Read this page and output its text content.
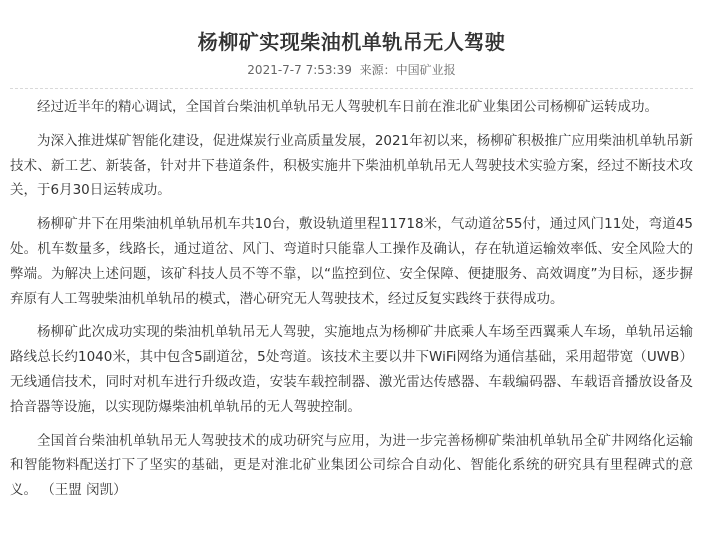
杨柳矿实现柴油机单轨吊无人驾驶
2021-7-7 7:53:39 来源：中国矿业报

经过近半年的精心调试，全国首台柴油机单轨吊无人驾驶机车日前在淮北矿业集团公司杨柳矿运转成功。

为深入推进煤矿智能化建设，促进煤炭行业高质量发展，2021年初以来，杨柳矿积极推广应用柴油机单轨吊新技术、新工艺、新装备，针对井下巷道条件，积极实施井下柴油机单轨吊无人驾驶技术实验方案，经过不断技术攻关，于6月30日运转成功。

杨柳矿井下在用柴油机单轨吊机车共10台，敷设轨道里程11718米，气动道岔55付，通过风门11处，弯道45处。机车数量多，线路长，通过道岔、风门、弯道时只能靠人工操作及确认，存在轨道运输效率低、安全风险大的弊端。为解决上述问题，该矿科技人员不等不靠，以“监控到位、安全保障、便捷服务、高效调度”为目标，逐步摒弃原有人工驾驶柴油机单轨吊的模式，潜心研究无人驾驶技术，经过反复实践终于获得成功。

杨柳矿此次成功实现的柴油机单轨吊无人驾驶，实施地点为杨柳矿井底乘人车场至西翼乘人车场，单轨吊运输路线总长约1040米，其中包含5副道岔，5处弯道。该技术主要以井下WiFi网络为通信基础，采用超带宽（UWB）无线通信技术，同时对机车进行升级改造，安装车载控制器、激光雷达传感器、车载编码器、车载语音播放设备及拾音器等设施，以实现防爆柴油机单轨吊的无人驾驶控制。

全国首台柴油机单轨吊无人驾驶技术的成功研究与应用，为进一步完善杨柳矿柴油机单轨吊全矿井网络化运输和智能物料配送打下了坚实的基础，更是对淮北矿业集团公司综合自动化、智能化系统的研究具有里程碑式的意义。 （王盟 闵凯）
